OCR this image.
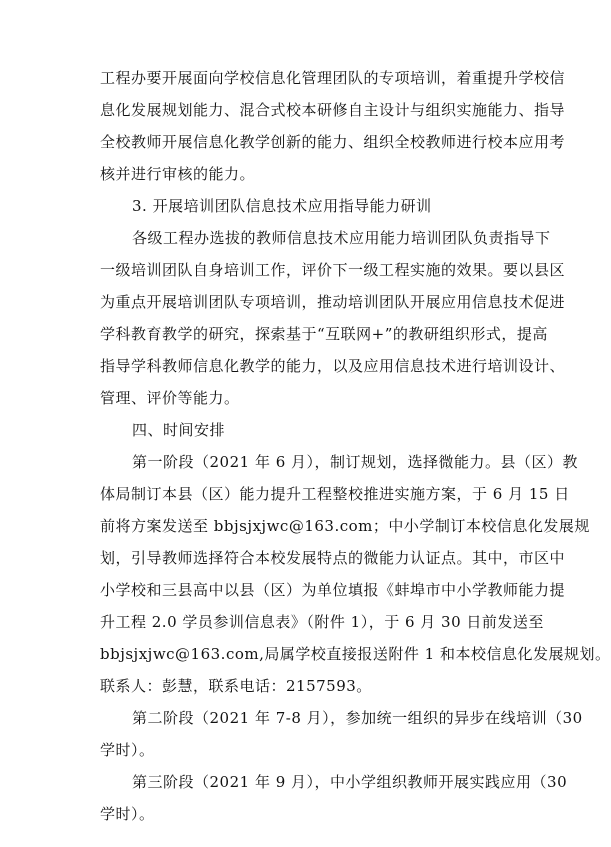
工程办要开展面向学校信息化管理团队的专项培训，着重提升学校信
息化发展规划能力、混合式校本研修自主设计与组织实施能力、指导
全校教师开展信息化教学创新的能力、组织全校教师进行校本应用考
核并进行审核的能力。
3. 开展培训团队信息技术应用指导能力研训
各级工程办选拔的教师信息技术应用能力培训团队负责指导下
一级培训团队自身培训工作，评价下一级工程实施的效果。要以县区
为重点开展培训团队专项培训，推动培训团队开展应用信息技术促进
学科教育教学的研究，探索基于“互联网+”的教研组织形式，提高
指导学科教师信息化教学的能力，以及应用信息技术进行培训设计、
管理、评价等能力。
四、时间安排
第一阶段（2021 年 6 月），制订规划，选择微能力。县（区）教
体局制订本县（区）能力提升工程整校推进实施方案，于 6 月 15 日
前将方案发送至 bbjsjxjwc@163.com；中小学制订本校信息化发展规
划，引导教师选择符合本校发展特点的微能力认证点。其中，市区中
小学校和三县高中以县（区）为单位填报《蚌埠市中小学教师能力提
升工程 2.0 学员参训信息表》（附件 1），于 6 月 30 日前发送至
bbjsjxjwc@163.com,局属学校直接报送附件 1 和本校信息化发展规划。
联系人：彭慧，联系电话：2157593。
第二阶段（2021 年 7-8 月），参加统一组织的异步在线培训（30
学时）。
第三阶段（2021 年 9 月），中小学组织教师开展实践应用（30
学时）。
